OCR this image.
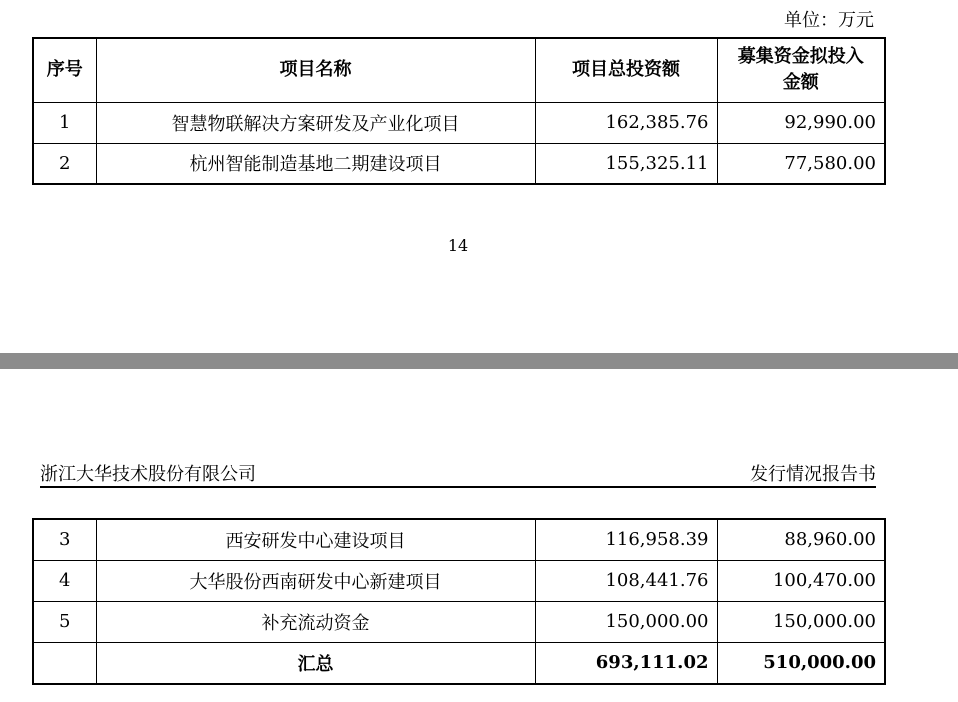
单位：万元
序号	项目名称	项目总投资额	募集资金拟投入金额
1	智慧物联解决方案研发及产业化项目	162,385.76	92,990.00
2	杭州智能制造基地二期建设项目	155,325.11	77,580.00
14
浙江大华技术股份有限公司	发行情况报告书
3	西安研发中心建设项目	116,958.39	88,960.00
4	大华股份西南研发中心新建项目	108,441.76	100,470.00
5	补充流动资金	150,000.00	150,000.00
	汇总	693,111.02	510,000.00
